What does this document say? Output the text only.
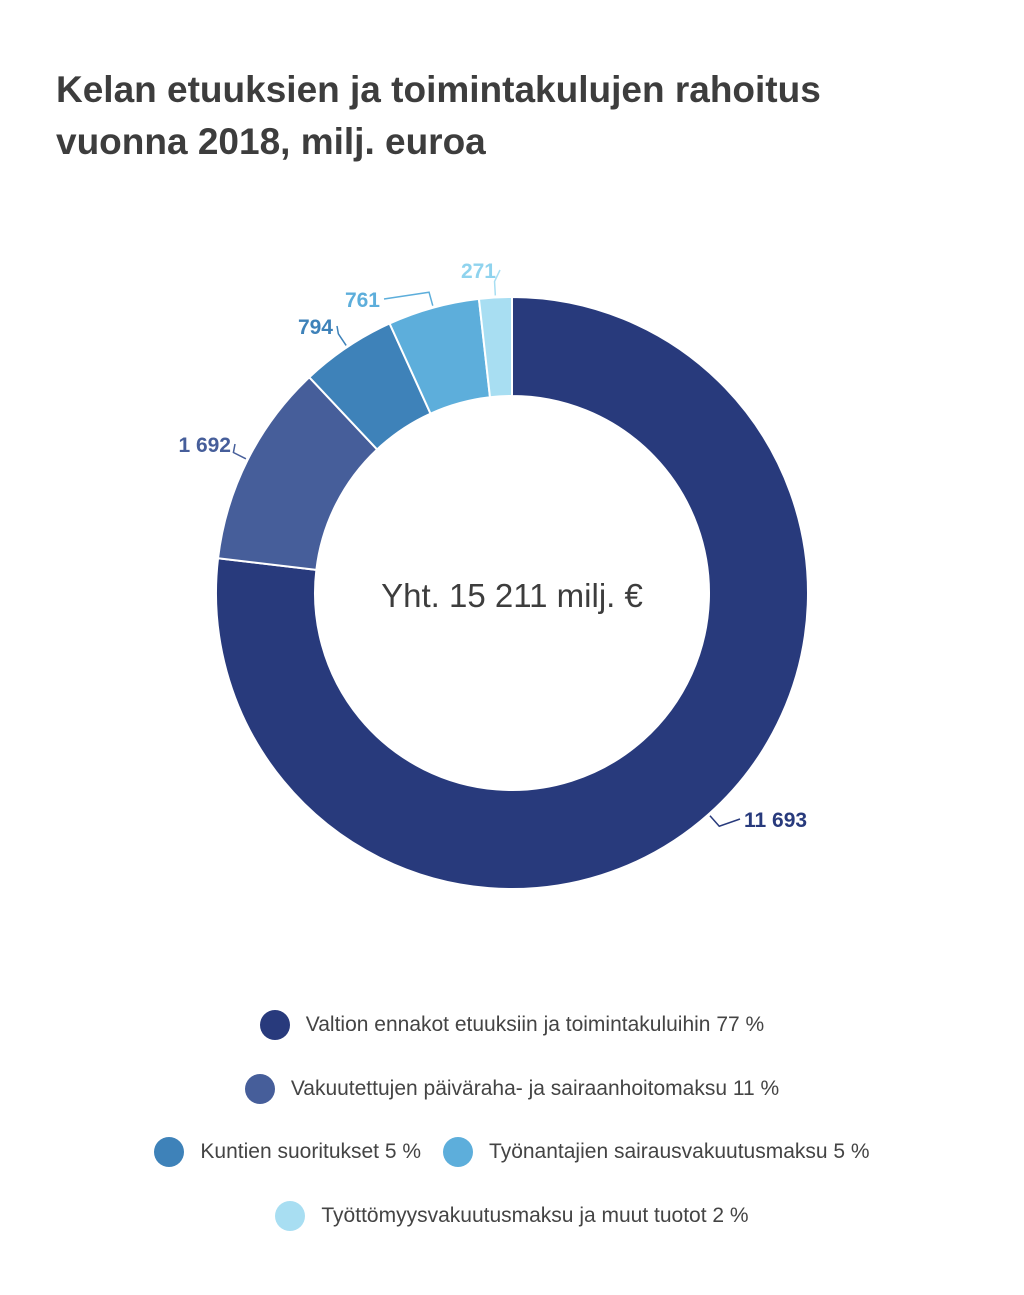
Kelan etuuksien ja toimintakulujen rahoitus vuonna 2018, milj. euroa
11 693
1 692
794
761
271
Yht. 15 211 milj. €
Valtion ennakot etuuksiin ja toimintakuluihin 77 %
Vakuutettujen päiväraha- ja sairaanhoitomaksu 11 %
Kuntien suoritukset 5 %	Työnantajien sairausvakuutusmaksu 5 %
Työttömyysvakuutusmaksu ja muut tuotot 2 %
